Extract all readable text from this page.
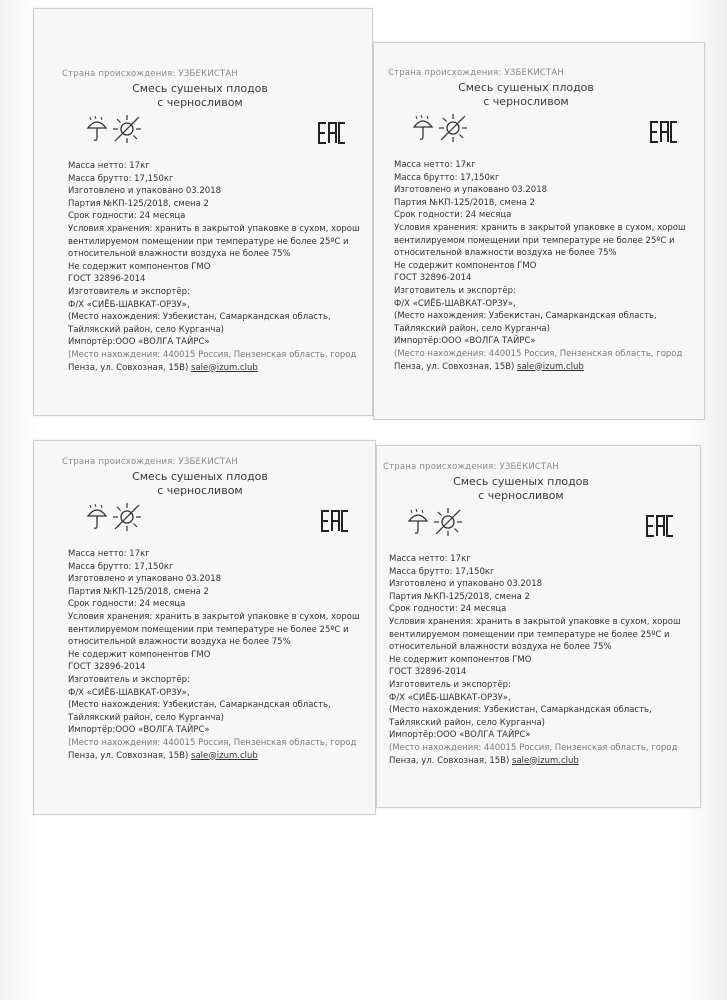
Страна происхождения: УЗБЕКИСТАН
Смесь сушеных плодов
с черносливом
Масса нетто: 17кг
Масса брутто: 17,150кг
Изготовлено и упаковано 03.2018
Партия №КП-125/2018, смена 2
Срок годности: 24 месяца
Условия хранения: хранить в закрытой упаковке в сухом, хорош
вентилируемом помещении при температуре не более 25ºС и
относительной влажности воздуха не более 75%
Не содержит компонентов ГМО
ГОСТ 32896-2014
Изготовитель и экспортёр:
Ф/Х «СИЁБ-ШАВКАТ-ОРЗУ»,
(Место нахождения: Узбекистан, Самаркандская область,
Тайлякский район, село Курганча)
Импортёр:ООО «ВОЛГА ТАЙРС»
(Место нахождения: 440015 Россия, Пензенская область, город
Пенза, ул. Совхозная, 15В) sale@izum.club
Страна происхождения: УЗБЕКИСТАН
Смесь сушеных плодов
с черносливом
Масса нетто: 17кг
Масса брутто: 17,150кг
Изготовлено и упаковано 03.2018
Партия №КП-125/2018, смена 2
Срок годности: 24 месяца
Условия хранения: хранить в закрытой упаковке в сухом, хорош
вентилируемом помещении при температуре не более 25ºС и
относительной влажности воздуха не более 75%
Не содержит компонентов ГМО
ГОСТ 32896-2014
Изготовитель и экспортёр:
Ф/Х «СИЁБ-ШАВКАТ-ОРЗУ»,
(Место нахождения: Узбекистан, Самаркандская область,
Тайлякский район, село Курганча)
Импортёр:ООО «ВОЛГА ТАЙРС»
(Место нахождения: 440015 Россия, Пензенская область, город
Пенза, ул. Совхозная, 15В) sale@izum.club
Страна происхождения: УЗБЕКИСТАН
Смесь сушеных плодов
с черносливом
Масса нетто: 17кг
Масса брутто: 17,150кг
Изготовлено и упаковано 03.2018
Партия №КП-125/2018, смена 2
Срок годности: 24 месяца
Условия хранения: хранить в закрытой упаковке в сухом, хорош
вентилируемом помещении при температуре не более 25ºС и
относительной влажности воздуха не более 75%
Не содержит компонентов ГМО
ГОСТ 32896-2014
Изготовитель и экспортёр:
Ф/Х «СИЁБ-ШАВКАТ-ОРЗУ»,
(Место нахождения: Узбекистан, Самаркандская область,
Тайлякский район, село Курганча)
Импортёр:ООО «ВОЛГА ТАЙРС»
(Место нахождения: 440015 Россия, Пензенская область, город
Пенза, ул. Совхозная, 15В) sale@izum.club
Страна происхождения: УЗБЕКИСТАН
Смесь сушеных плодов
с черносливом
Масса нетто: 17кг
Масса брутто: 17,150кг
Изготовлено и упаковано 03.2018
Партия №КП-125/2018, смена 2
Срок годности: 24 месяца
Условия хранения: хранить в закрытой упаковке в сухом, хорош
вентилируемом помещении при температуре не более 25ºС и
относительной влажности воздуха не более 75%
Не содержит компонентов ГМО
ГОСТ 32896-2014
Изготовитель и экспортёр:
Ф/Х «СИЁБ-ШАВКАТ-ОРЗУ»,
(Место нахождения: Узбекистан, Самаркандская область,
Тайлякский район, село Курганча)
Импортёр:ООО «ВОЛГА ТАЙРС»
(Место нахождения: 440015 Россия, Пензенская область, город
Пенза, ул. Совхозная, 15В) sale@izum.club
